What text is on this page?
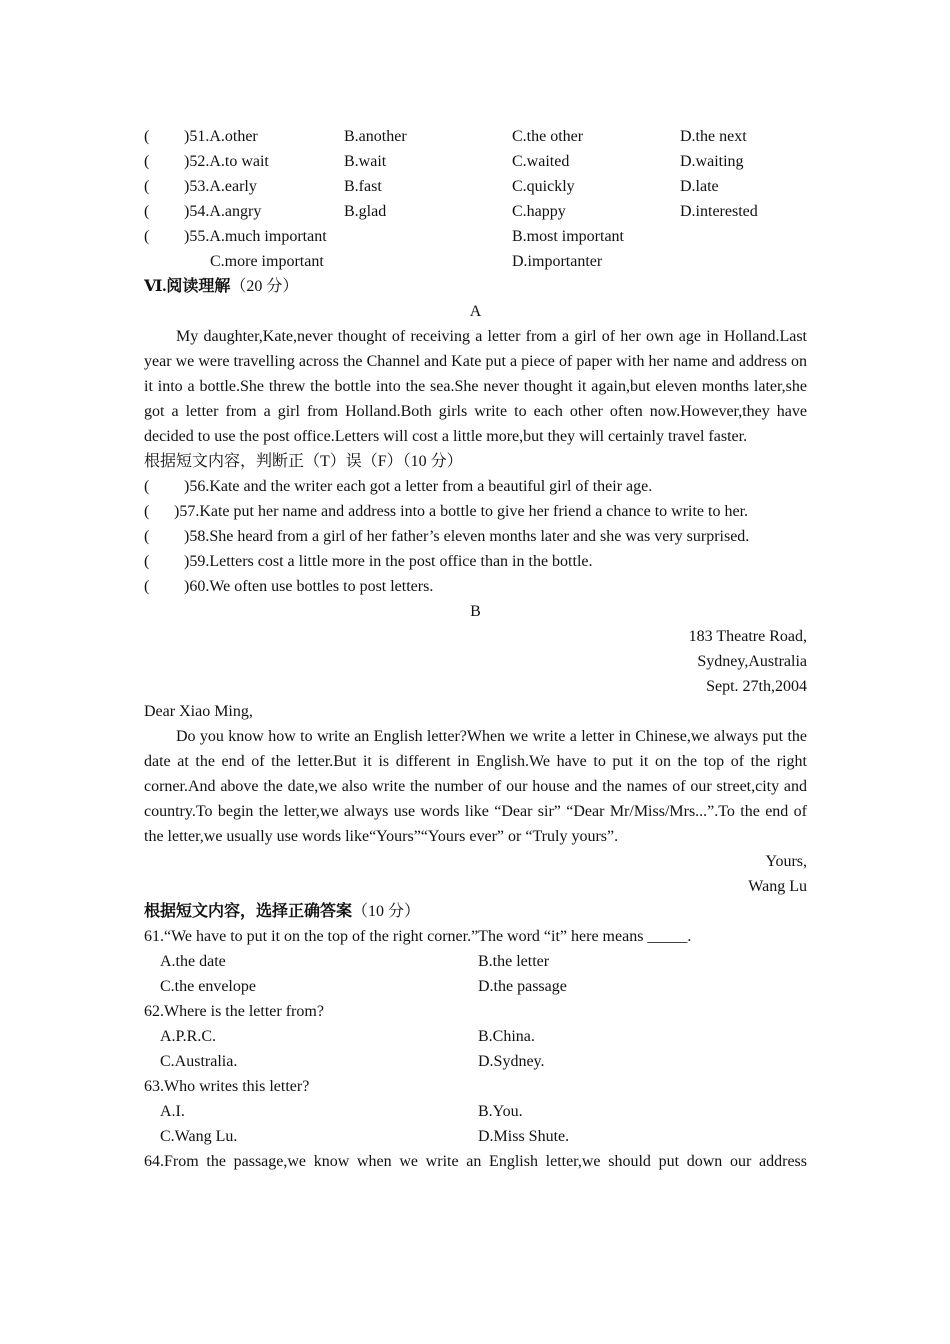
(	)51.A.other	B.another	C.the other	D.the next
(	)52.A.to wait	B.wait	C.waited	D.waiting
(	)53.A.early	B.fast	C.quickly	D.late
(	)54.A.angry	B.glad	C.happy	D.interested
(	)55.A.much important	B.most important
C.more important	D.importanter
Ⅵ.阅读理解（20 分）
A

My daughter,Kate,never thought of receiving a letter from a girl of her own age in Holland.Last year we were travelling across the Channel and Kate put a piece of paper with her name and address on it into a bottle.She threw the bottle into the sea.She never thought it again,but eleven months later,she got a letter from a girl from Holland.Both girls write to each other often now.However,they have decided to use the post office.Letters will cost a little more,but they will certainly travel faster.

根据短文内容，判断正（T）误（F）（10 分）
(	)56.Kate and the writer each got a letter from a beautiful girl of their age.
(	)57.Kate put her name and address into a bottle to give her friend a chance to write to her.
(	)58.She heard from a girl of her father’s eleven months later and she was very surprised.
(	)59.Letters cost a little more in the post office than in the bottle.
(	)60.We often use bottles to post letters.
B
183 Theatre Road,
Sydney,Australia
Sept. 27th,2004
Dear Xiao Ming,

Do you know how to write an English letter?When we write a letter in Chinese,we always put the date at the end of the letter.But it is different in English.We have to put it on the top of the right corner.And above the date,we also write the number of our house and the names of our street,city and country.To begin the letter,we always use words like “Dear sir” “Dear Mr/Miss/Mrs...”.To the end of the letter,we usually use words like“Yours”“Yours ever” or “Truly yours”.

Yours,
Wang Lu
根据短文内容，选择正确答案（10 分）
61.“We have to put it on the top of the right corner.”The word “it” here means _____.
A.the date	B.the letter
C.the envelope	D.the passage
62.Where is the letter from?
A.P.R.C.	B.China.
C.Australia.	D.Sydney.
63.Who writes this letter?
A.I.	B.You.
C.Wang Lu.	D.Miss Shute.
64.From the passage,we know when we write an English letter,we should put down our address
